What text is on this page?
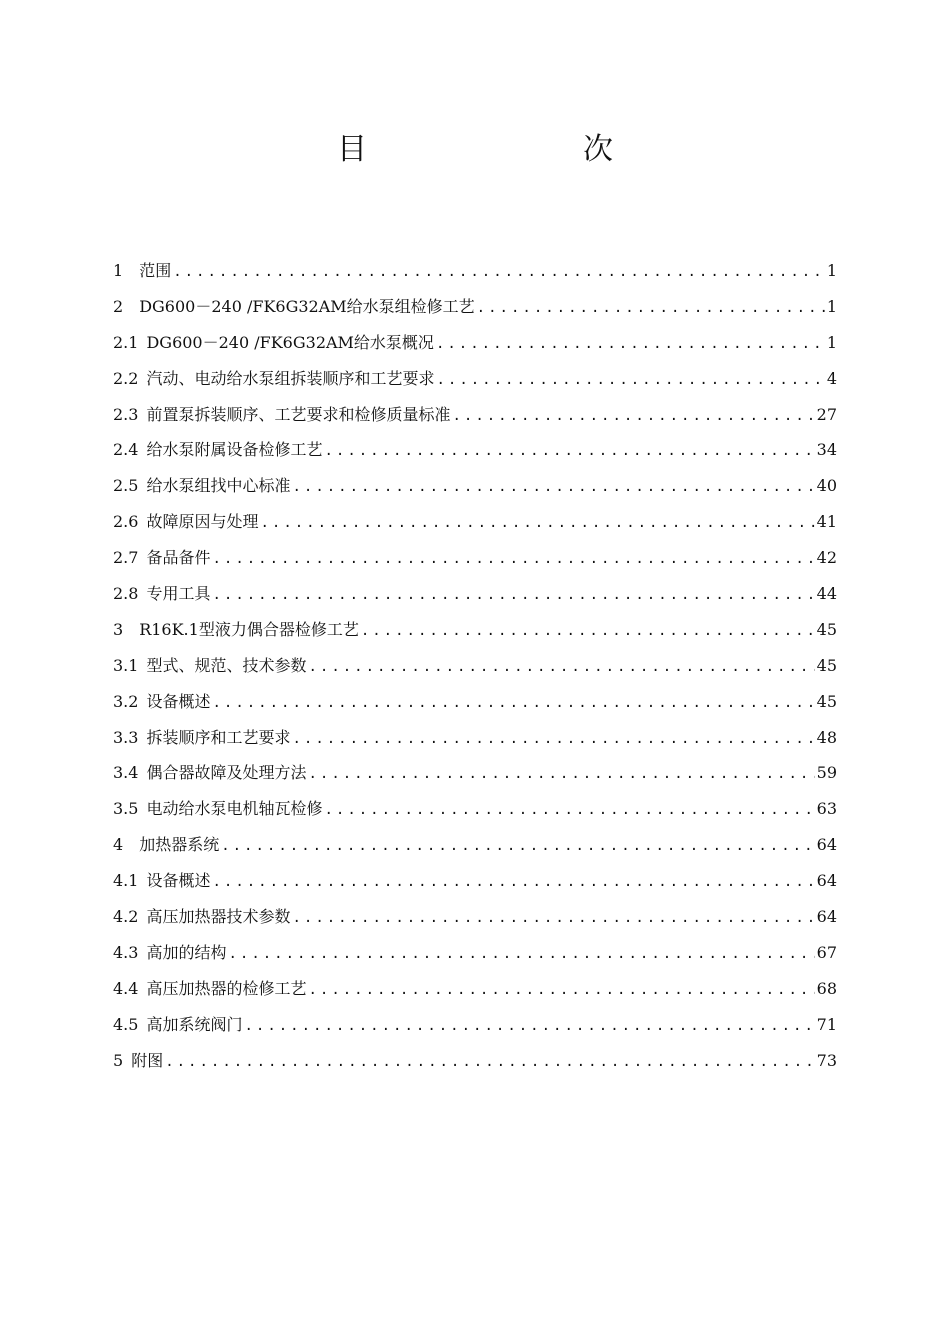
目　　次
1	范围 .....	1
2	DG600－240 /FK6G32AM给水泵组检修工艺 .....	1
2.1 DG600－240 /FK6G32AM给水泵概况 .....	1
2.2 汽动、电动给水泵组拆装顺序和工艺要求 .....	4
2.3 前置泵拆装顺序、工艺要求和检修质量标准 .....	27
2.4 给水泵附属设备检修工艺 .....	34
2.5 给水泵组找中心标准 .....	40
2.6 故障原因与处理 .....	41
2.7 备品备件 .....	42
2.8 专用工具 .....	44
3	R16K.1型液力偶合器检修工艺 .....	45
3.1 型式、规范、技术参数 .....	45
3.2 设备概述 .....	45
3.3 拆装顺序和工艺要求 .....	48
3.4 偶合器故障及处理方法 .....	59
3.5 电动给水泵电机轴瓦检修 .....	63
4	加热器系统 .....	64
4.1 设备概述 .....	64
4.2 高压加热器技术参数 .....	64
4.3 高加的结构 .....	67
4.4 高压加热器的检修工艺 .....	68
4.5 高加系统阀门 .....	71
5 附图 .....	73
